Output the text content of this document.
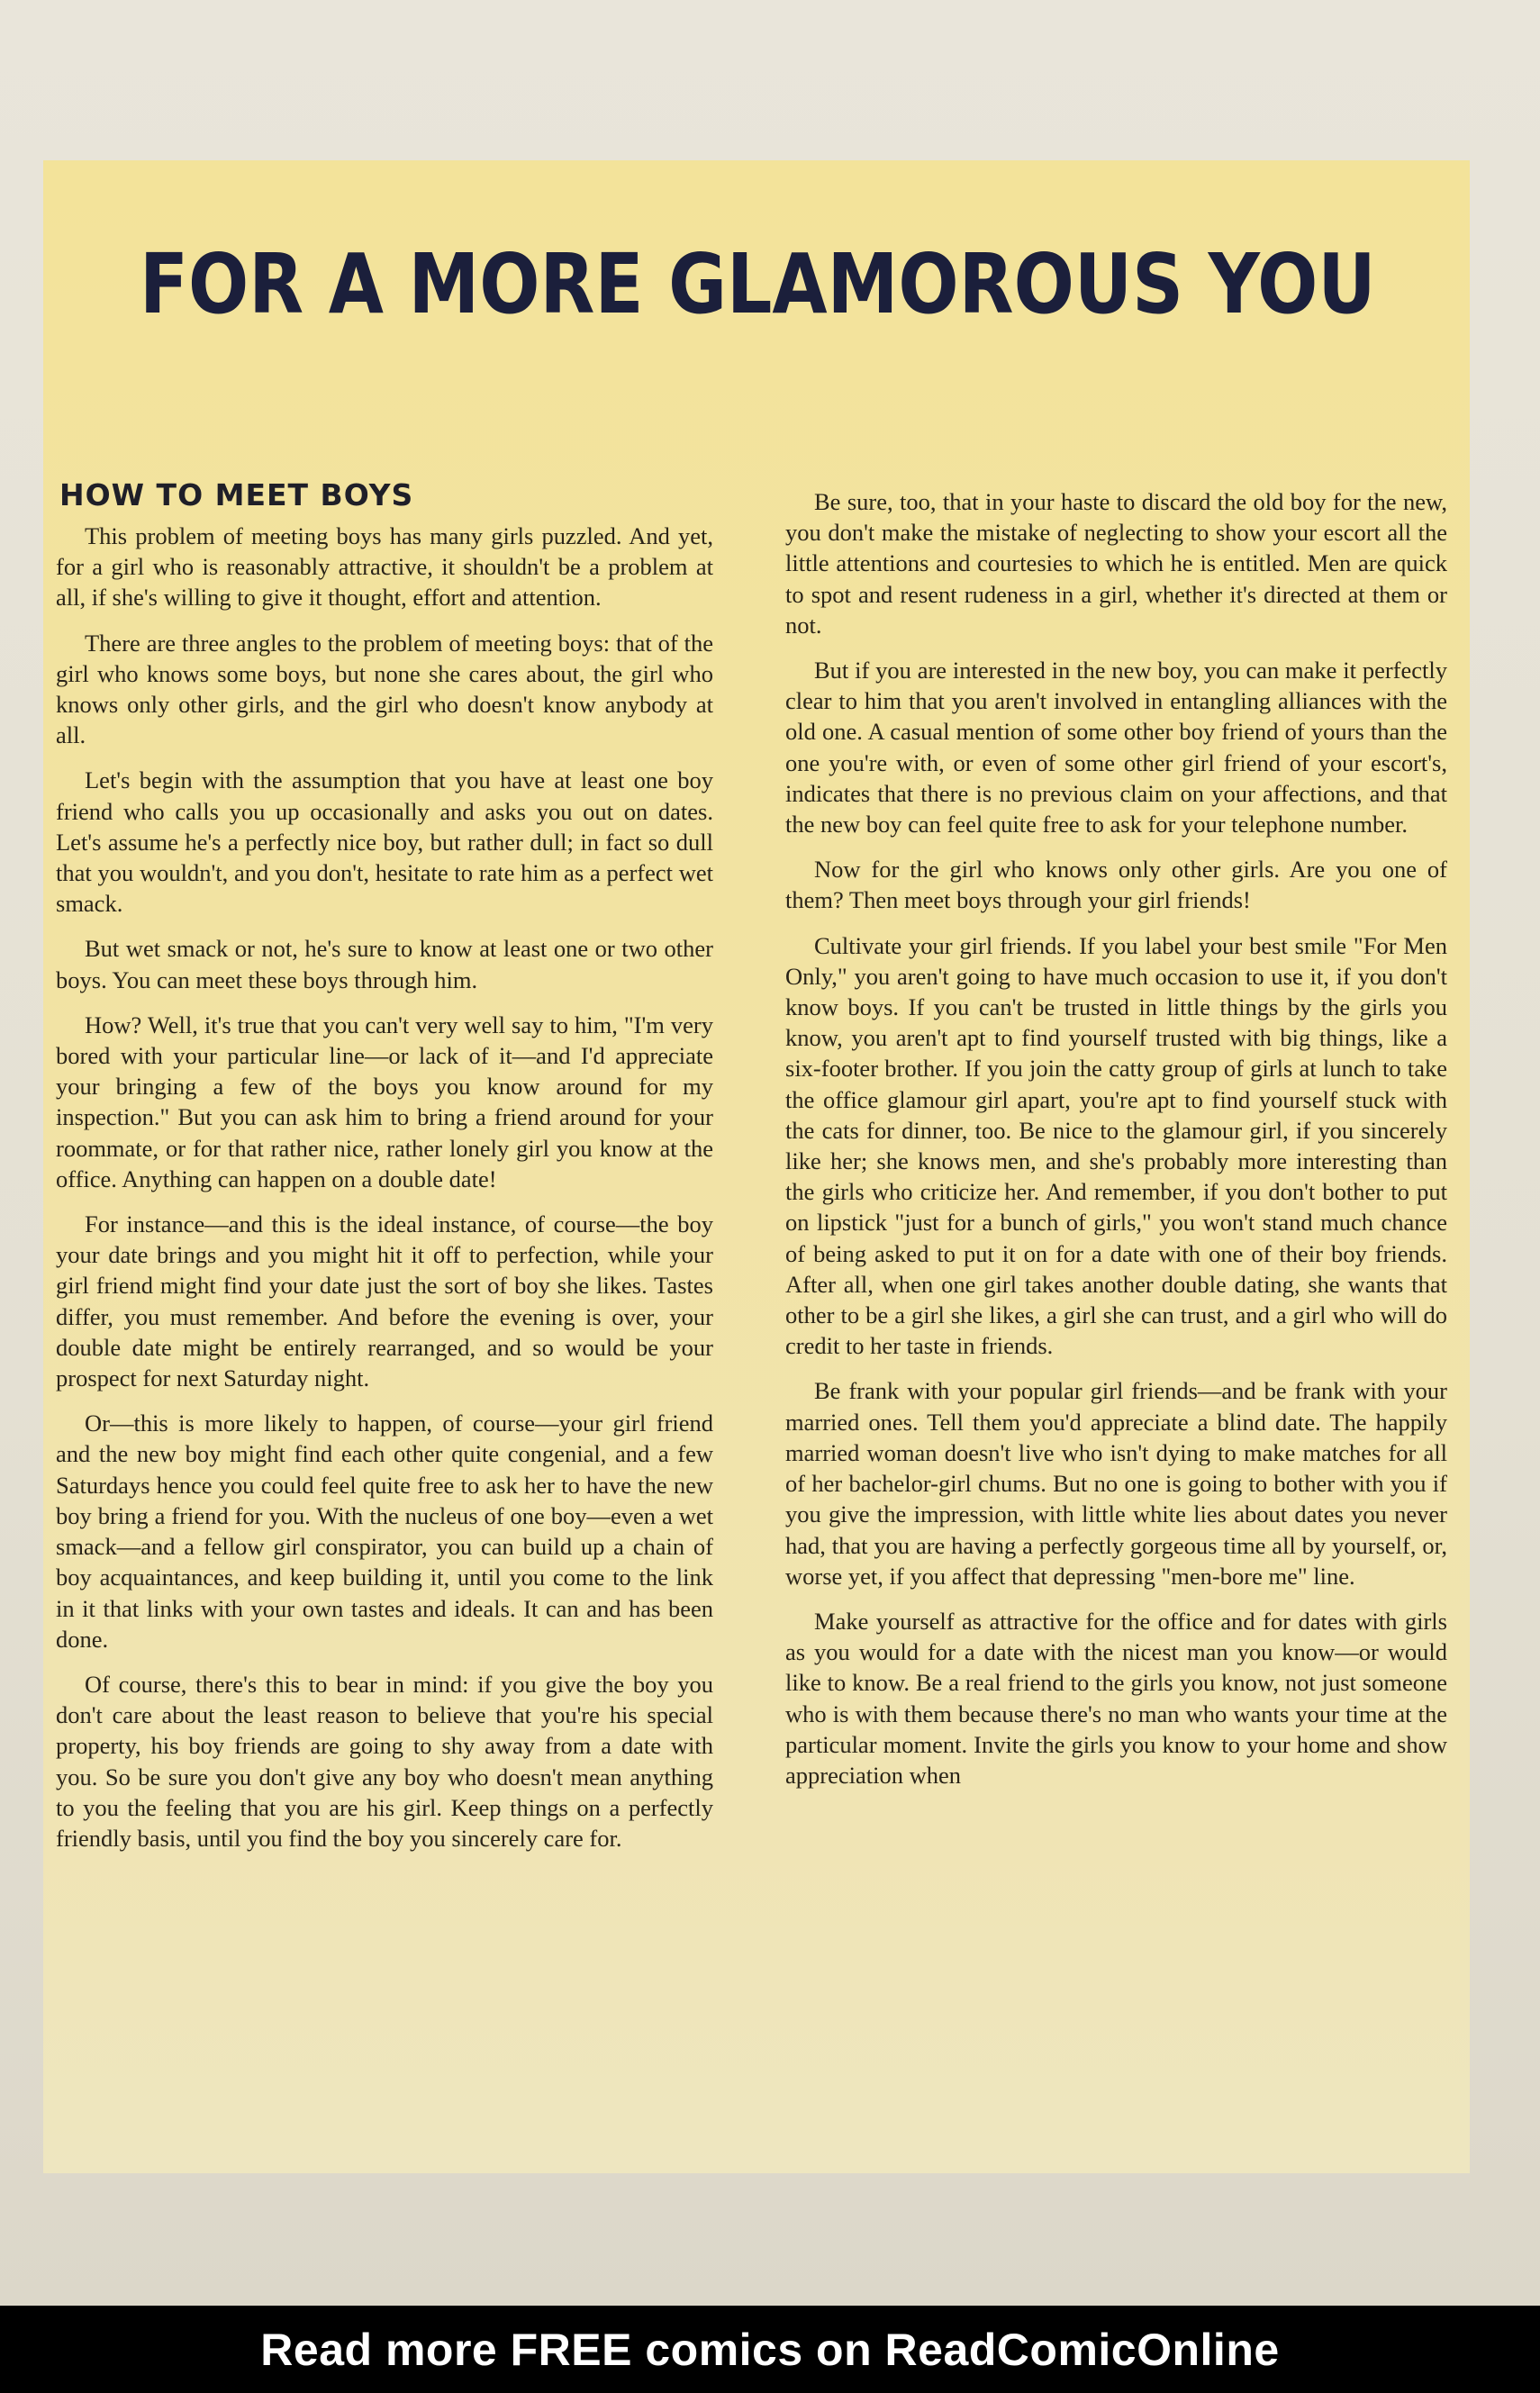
FOR A MORE GLAMOROUS YOU
HOW TO MEET BOYS

This problem of meeting boys has many girls puzzled. And yet, for a girl who is reasonably attractive, it shouldn't be a problem at all, if she's willing to give it thought, effort and attention.

There are three angles to the problem of meeting boys: that of the girl who knows some boys, but none she cares about, the girl who knows only other girls, and the girl who doesn't know anybody at all.

Let's begin with the assumption that you have at least one boy friend who calls you up occasionally and asks you out on dates. Let's assume he's a perfectly nice boy, but rather dull; in fact so dull that you wouldn't, and you don't, hesitate to rate him as a perfect wet smack.

But wet smack or not, he's sure to know at least one or two other boys. You can meet these boys through him.

How? Well, it's true that you can't very well say to him, "I'm very bored with your particular line—or lack of it—and I'd appreciate your bringing a few of the boys you know around for my inspection." But you can ask him to bring a friend around for your roommate, or for that rather nice, rather lonely girl you know at the office. Anything can happen on a double date!

For instance—and this is the ideal instance, of course—the boy your date brings and you might hit it off to perfection, while your girl friend might find your date just the sort of boy she likes. Tastes differ, you must remember. And before the evening is over, your double date might be entirely rearranged, and so would be your prospect for next Saturday night.

Or—this is more likely to happen, of course—your girl friend and the new boy might find each other quite congenial, and a few Saturdays hence you could feel quite free to ask her to have the new boy bring a friend for you. With the nucleus of one boy—even a wet smack—and a fellow girl conspirator, you can build up a chain of boy acquaintances, and keep building it, until you come to the link in it that links with your own tastes and ideals. It can and has been done.

Of course, there's this to bear in mind: if you give the boy you don't care about the least reason to believe that you're his special property, his boy friends are going to shy away from a date with you. So be sure you don't give any boy who doesn't mean anything to you the feeling that you are his girl. Keep things on a perfectly friendly basis, until you find the boy you sincerely care for.

Be sure, too, that in your haste to discard the old boy for the new, you don't make the mistake of neglecting to show your escort all the little attentions and courtesies to which he is entitled. Men are quick to spot and resent rudeness in a girl, whether it's directed at them or not.

But if you are interested in the new boy, you can make it perfectly clear to him that you aren't involved in entangling alliances with the old one. A casual mention of some other boy friend of yours than the one you're with, or even of some other girl friend of your escort's, indicates that there is no previous claim on your affections, and that the new boy can feel quite free to ask for your telephone number.

Now for the girl who knows only other girls. Are you one of them? Then meet boys through your girl friends!

Cultivate your girl friends. If you label your best smile "For Men Only," you aren't going to have much occasion to use it, if you don't know boys. If you can't be trusted in little things by the girls you know, you aren't apt to find yourself trusted with big things, like a six-footer brother. If you join the catty group of girls at lunch to take the office glamour girl apart, you're apt to find yourself stuck with the cats for dinner, too. Be nice to the glamour girl, if you sincerely like her; she knows men, and she's probably more interesting than the girls who criticize her. And remember, if you don't bother to put on lipstick "just for a bunch of girls," you won't stand much chance of being asked to put it on for a date with one of their boy friends. After all, when one girl takes another double dating, she wants that other to be a girl she likes, a girl she can trust, and a girl who will do credit to her taste in friends.

Be frank with your popular girl friends—and be frank with your married ones. Tell them you'd appreciate a blind date. The happily married woman doesn't live who isn't dying to make matches for all of her bachelor-girl chums. But no one is going to bother with you if you give the impression, with little white lies about dates you never had, that you are having a perfectly gorgeous time all by yourself, or, worse yet, if you affect that depressing "men-bore me" line.

Make yourself as attractive for the office and for dates with girls as you would for a date with the nicest man you know—or would like to know. Be a real friend to the girls you know, not just someone who is with them because there's no man who wants your time at the particular moment. Invite the girls you know to your home and show appreciation when

Read more FREE comics on ReadComicOnline
